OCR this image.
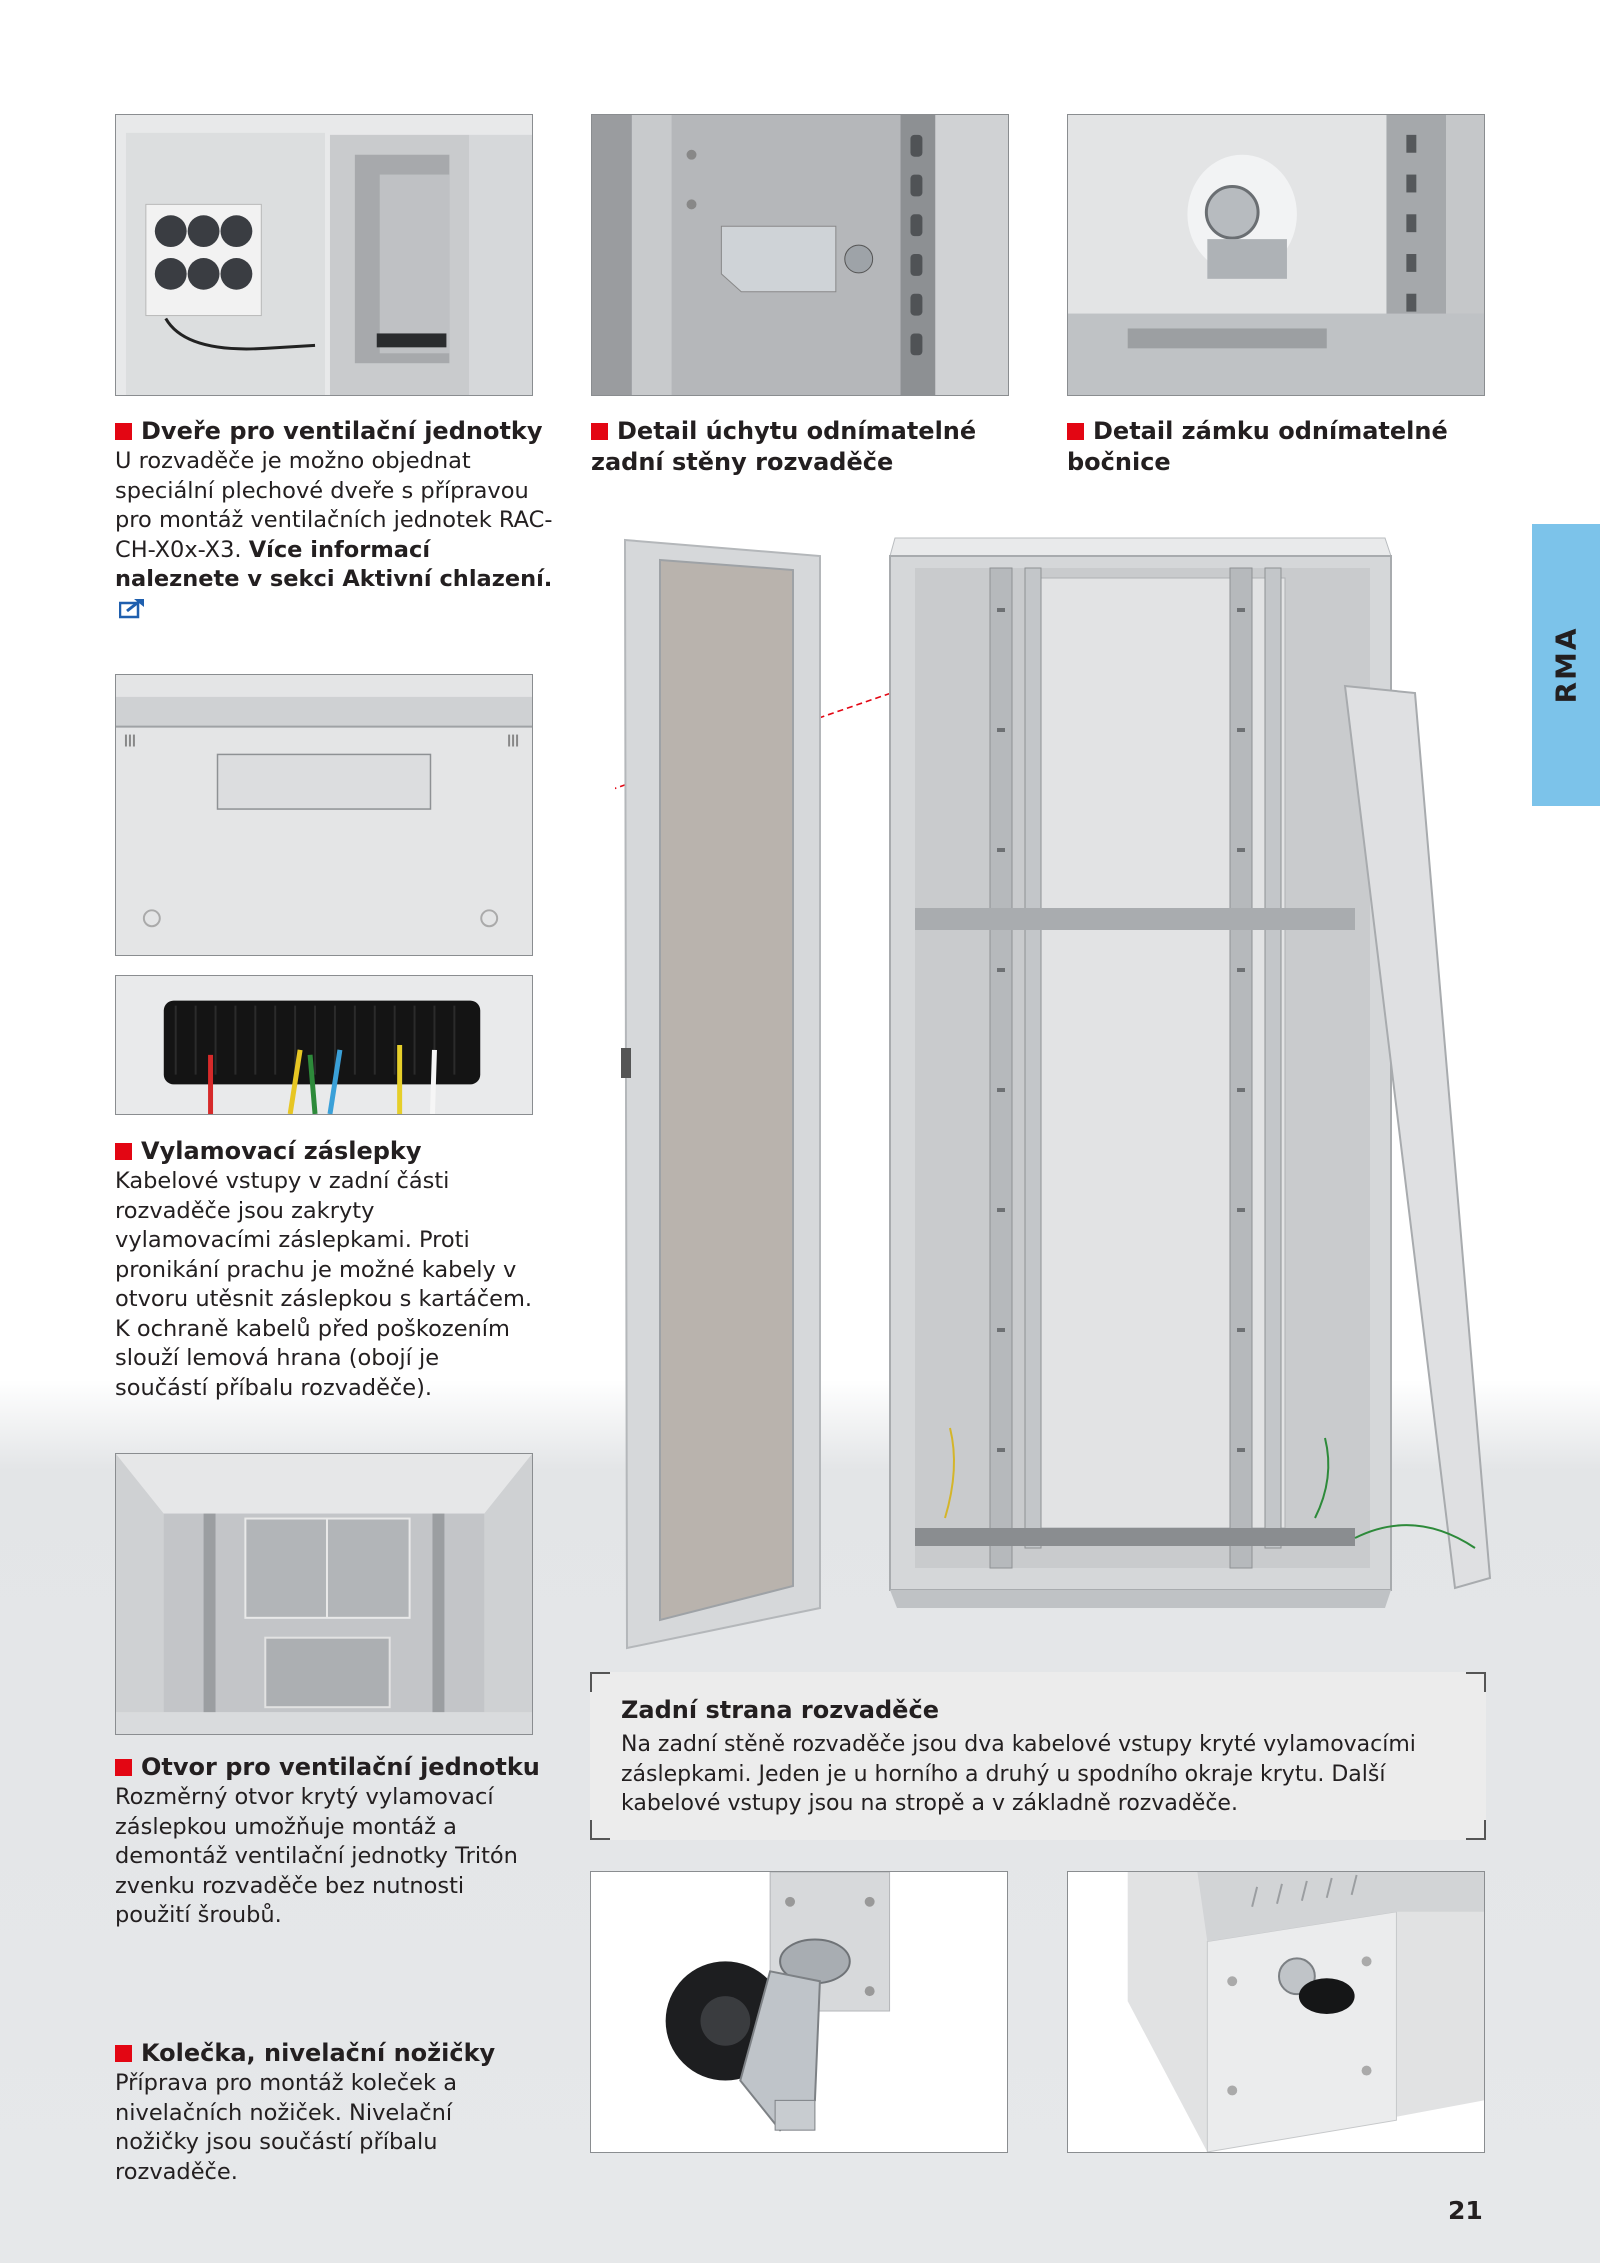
Dveře pro ventilační jednotky
U rozvaděče je možno objednat speciální plechové dveře s přípravou pro montáž ventilačních jednotek RAC-CH-X0x-X3. Více informací naleznete v sekci Aktivní chlazení.
Detail úchytu odnímatelné zadní stěny rozvaděče
Detail zámku odnímatelné bočnice
RMA
Vylamovací záslepky
Kabelové vstupy v zadní části rozvaděče jsou zakryty vylamovacími záslepkami. Proti pronikání prachu je možné kabely v otvoru utěsnit záslepkou s kartáčem. K ochraně kabelů před poškozením slouží lemová hrana (obojí je součástí příbalu rozvaděče).
Otvor pro ventilační jednotku
Rozměrný otvor krytý vylamovací záslepkou umožňuje montáž a demontáž ventilační jednotky Tritón zvenku rozvaděče bez nutnosti použití šroubů.
Kolečka, nivelační nožičky
Příprava pro montáž koleček a nivelačních nožiček. Nivelační nožičky jsou součástí příbalu rozvaděče.
Zadní strana rozvaděče
Na zadní stěně rozvaděče jsou dva kabelové vstupy kryté vylamovacími záslepkami. Jeden je u horního a druhý u spodního okraje krytu. Další kabelové vstupy jsou na stropě a v základně rozvaděče.
21
